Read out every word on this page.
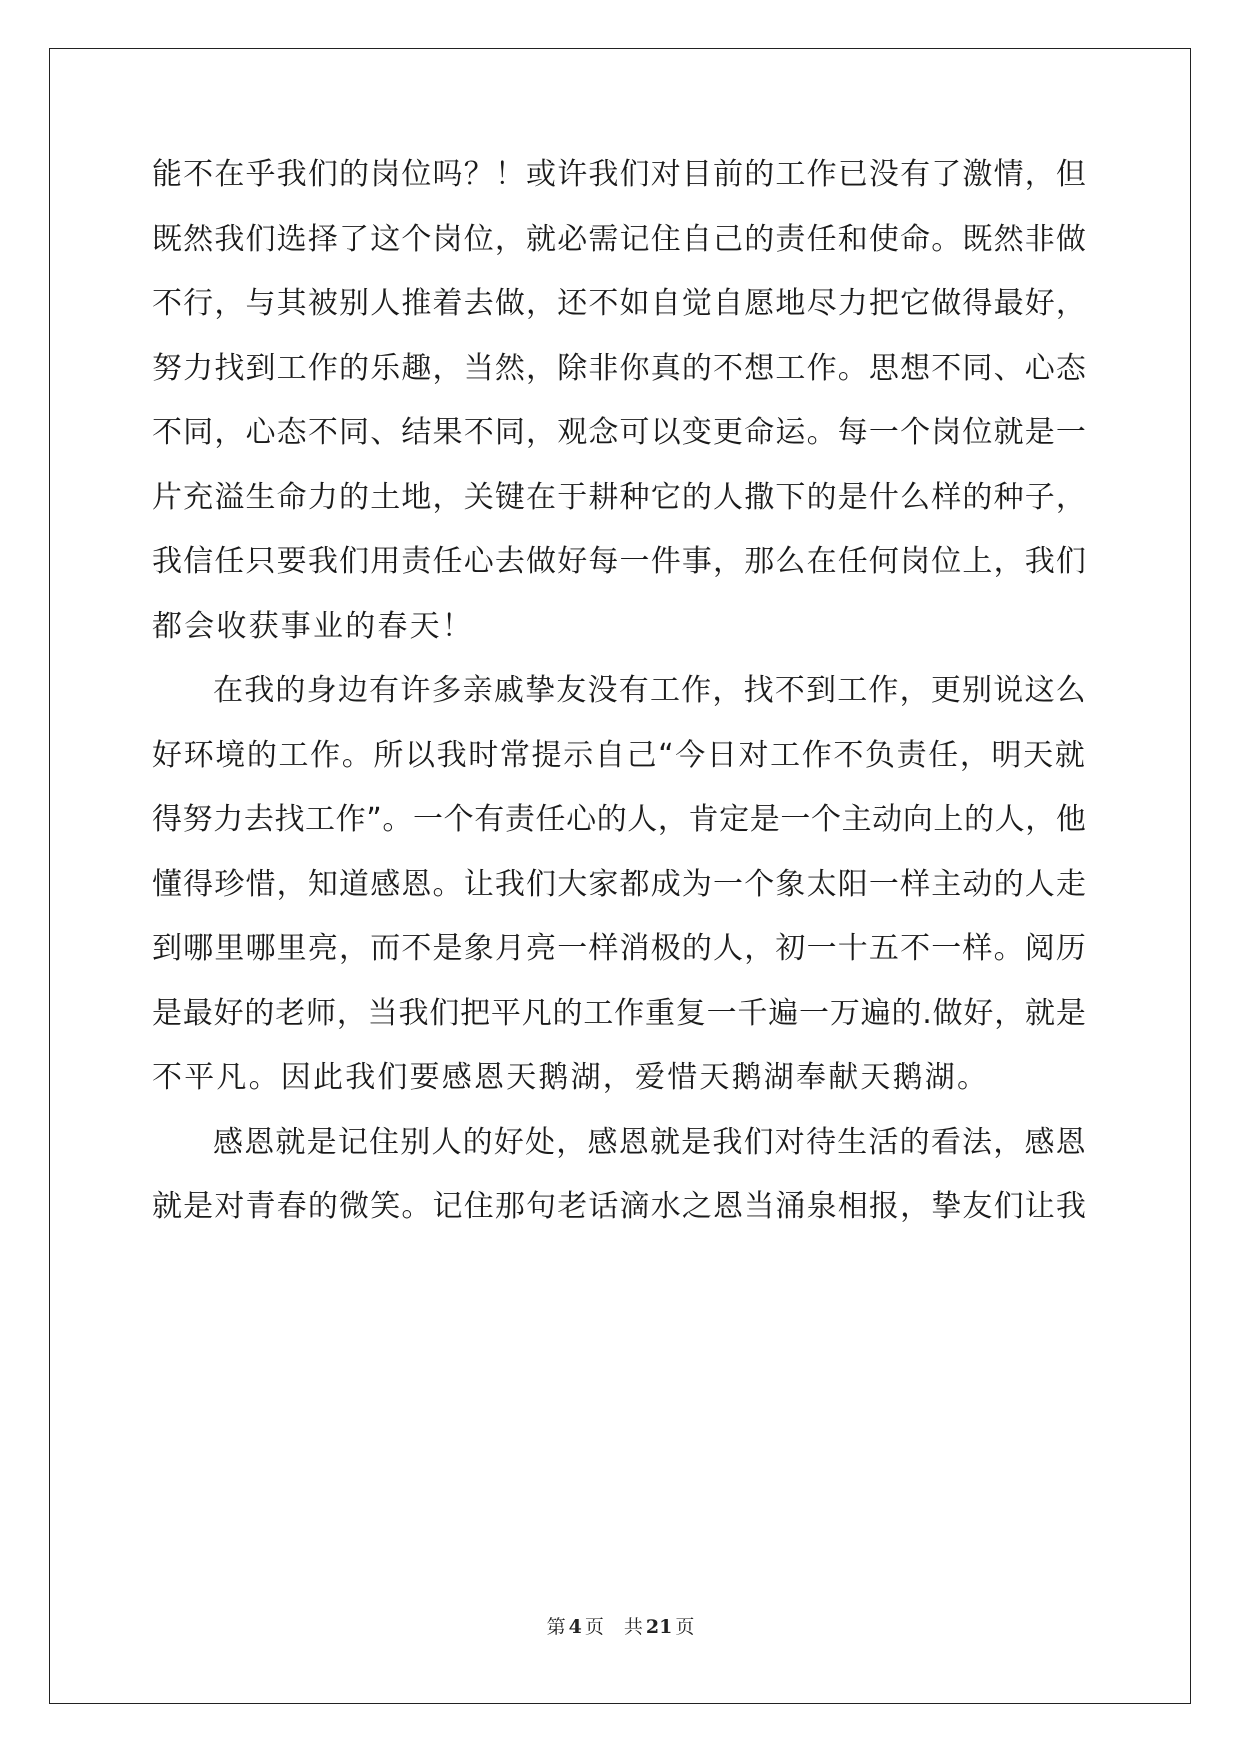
能不在乎我们的岗位吗？！或许我们对目前的工作已没有了激情，但
既然我们选择了这个岗位，就必需记住自己的责任和使命。既然非做
不行，与其被别人推着去做，还不如自觉自愿地尽力把它做得最好，
努力找到工作的乐趣，当然，除非你真的不想工作。思想不同、心态
不同，心态不同、结果不同，观念可以变更命运。每一个岗位就是一
片充溢生命力的土地，关键在于耕种它的人撒下的是什么样的种子，
我信任只要我们用责任心去做好每一件事，那么在任何岗位上，我们
都会收获事业的春天！
在我的身边有许多亲戚挚友没有工作，找不到工作，更别说这么
好环境的工作。所以我时常提示自己“今日对工作不负责任，明天就
得努力去找工作”。一个有责任心的人，肯定是一个主动向上的人，他
懂得珍惜，知道感恩。让我们大家都成为一个象太阳一样主动的人走
到哪里哪里亮，而不是象月亮一样消极的人，初一十五不一样。阅历
是最好的老师，当我们把平凡的工作重复一千遍一万遍的.做好，就是
不平凡。因此我们要感恩天鹅湖，爱惜天鹅湖奉献天鹅湖。
感恩就是记住别人的好处，感恩就是我们对待生活的看法，感恩
就是对青春的微笑。记住那句老话滴水之恩当涌泉相报，挚友们让我
第 4 页 共 21 页
